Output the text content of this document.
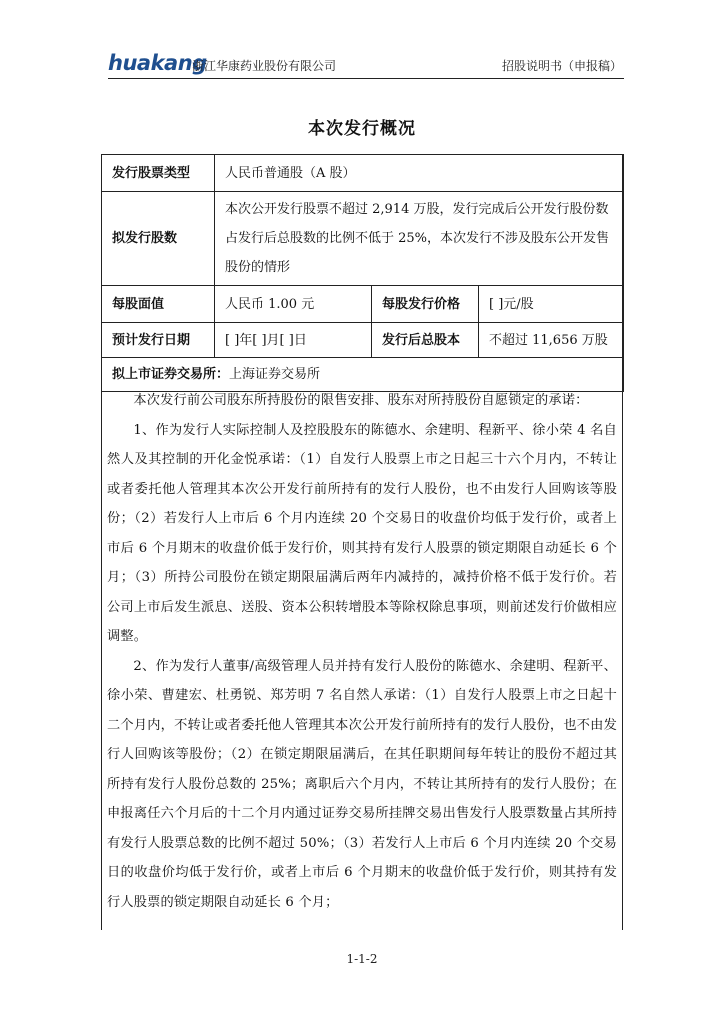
huakang
浙江华康药业股份有限公司	招股说明书（申报稿）
本次发行概况
发行股票类型	人民币普通股（A 股）		
拟发行股数	本次公开发行股票不超过 2,914 万股，发行完成后公开发行股份数占发行后总股数的比例不低于 25%，本次发行不涉及股东公开发售股份的情形		
每股面值	人民币 1.00 元	每股发行价格	[ ]元/股
预计发行日期	[ ]年[ ]月[ ]日	发行后总股本	不超过 11,656 万股
拟上市证券交易所：上海证券交易所			

本次发行前公司股东所持股份的限售安排、股东对所持股份自愿锁定的承诺：

1、作为发行人实际控制人及控股股东的陈德水、余建明、程新平、徐小荣 4 名自然人及其控制的开化金悦承诺：（1）自发行人股票上市之日起三十六个月内，不转让或者委托他人管理其本次公开发行前所持有的发行人股份，也不由发行人回购该等股份；（2）若发行人上市后 6 个月内连续 20 个交易日的收盘价均低于发行价，或者上市后 6 个月期末的收盘价低于发行价，则其持有发行人股票的锁定期限自动延长 6 个月；（3）所持公司股份在锁定期限届满后两年内减持的，减持价格不低于发行价。若公司上市后发生派息、送股、资本公积转增股本等除权除息事项，则前述发行价做相应调整。

2、作为发行人董事/高级管理人员并持有发行人股份的陈德水、余建明、程新平、徐小荣、曹建宏、杜勇锐、郑芳明 7 名自然人承诺：（1）自发行人股票上市之日起十二个月内，不转让或者委托他人管理其本次公开发行前所持有的发行人股份，也不由发行人回购该等股份；（2）在锁定期限届满后，在其任职期间每年转让的股份不超过其所持有发行人股份总数的 25%；离职后六个月内，不转让其所持有的发行人股份；在申报离任六个月后的十二个月内通过证券交易所挂牌交易出售发行人股票数量占其所持有发行人股票总数的比例不超过 50%；（3）若发行人上市后 6 个月内连续 20 个交易日的收盘价均低于发行价，或者上市后 6 个月期末的收盘价低于发行价，则其持有发行人股票的锁定期限自动延长 6 个月；

1-1-2
